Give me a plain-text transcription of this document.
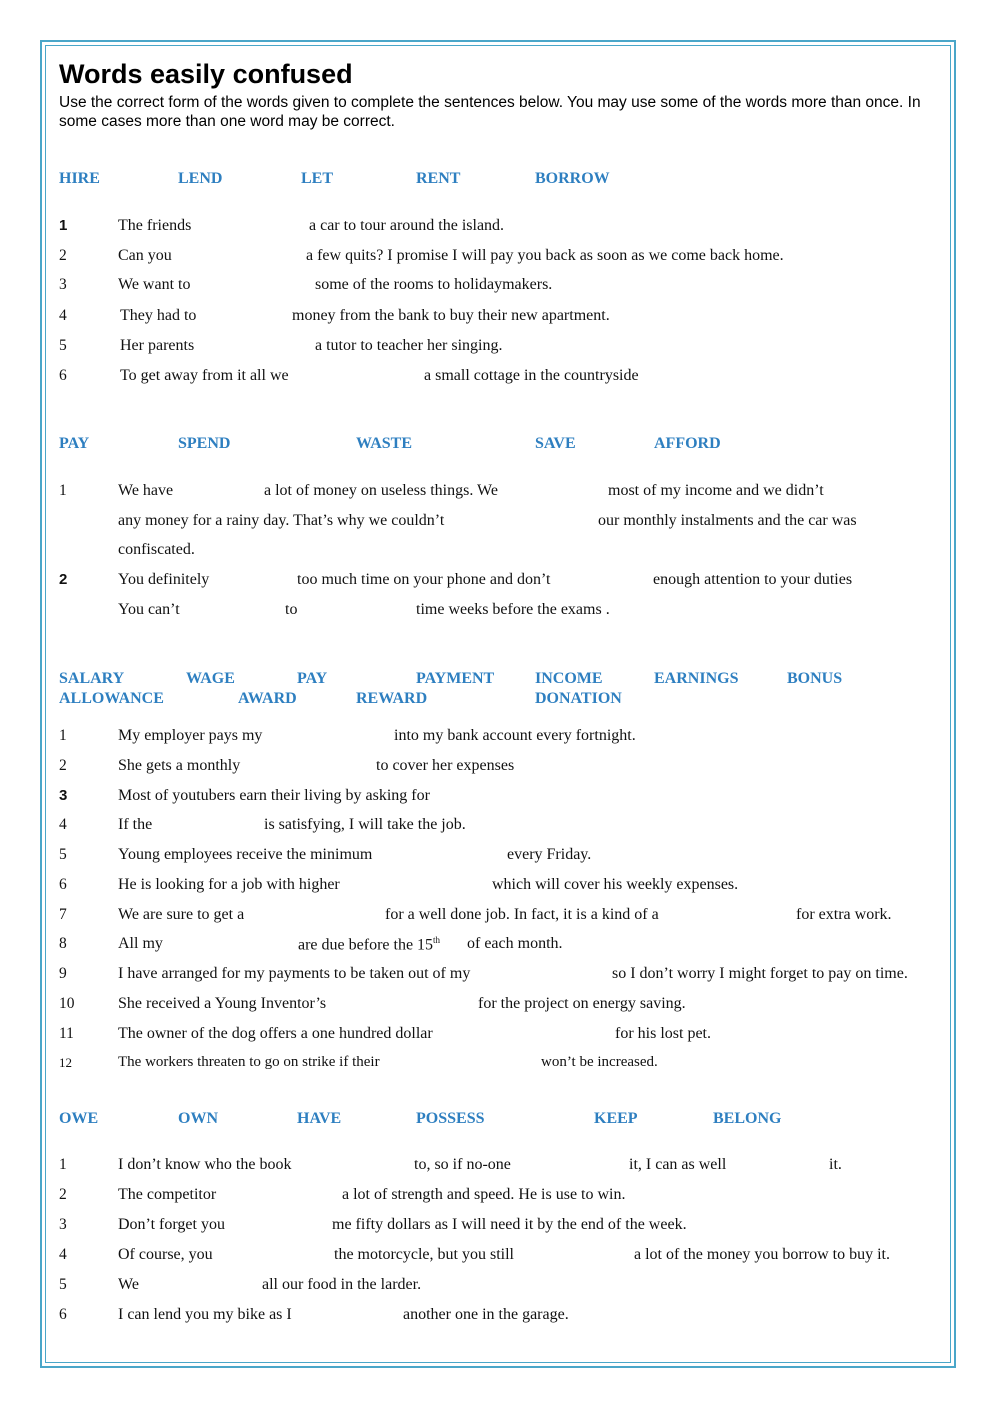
Words easily confused
Use the correct form of the words given to complete the sentences below. You may use some of the words more than once. In some cases more than one word may be correct.
HIRE	LEND	LET	RENT	BORROW
1	The friends	a car to tour around the island.
2	Can you	a few quits? I promise I will pay you back as soon as we come back home.
3	We want to	some of the rooms to holidaymakers.
4	They had to	money from the bank to buy their new apartment.
5	Her parents	a tutor to teacher her singing.
6	To get away from it all we	a small cottage in the countryside
PAY	SPEND	WASTE	SAVE	AFFORD
1	We have	a lot of money on useless things. We	most of my income and we didn’t
any money for a rainy day. That’s why we couldn’t	our monthly instalments and the car was
confiscated.
2	You definitely	too much time on your phone and don’t	enough attention to your duties
You can’t	to	time weeks before the exams .
SALARY	WAGE	PAY	PAYMENT	INCOME	EARNINGS	BONUS
ALLOWANCE	AWARD	REWARD	DONATION
1	My employer pays my	into my bank account every fortnight.
2	She gets a monthly	to cover her expenses
3	Most of youtubers earn their living by asking for
4	If the	is satisfying, I will take the job.
5	Young employees receive the minimum	every Friday.
6	He is looking for a job with higher	which will cover his weekly expenses.
7	We are sure to get a	for a well done job. In fact, it is a kind of a	for extra work.
8	All my	are due before the 15th of each month.
9	I have arranged for my payments to be taken out of my	so I don’t worry I might forget to pay on time.
10	She received a Young Inventor’s	for the project on energy saving.
11	The owner of the dog offers a one hundred dollar	for his lost pet.
12	The workers threaten to go on strike if their	won’t be increased.
OWE	OWN	HAVE	POSSESS	KEEP	BELONG
1	I don’t know who the book	to, so if no-one	it, I can as well	it.
2	The competitor	a lot of strength and speed. He is use to win.
3	Don’t forget you	me fifty dollars as I will need it by the end of the week.
4	Of course, you	the motorcycle, but you still	a lot of the money you borrow to buy it.
5	We	all our food in the larder.
6	I can lend you my bike as I	another one in the garage.
